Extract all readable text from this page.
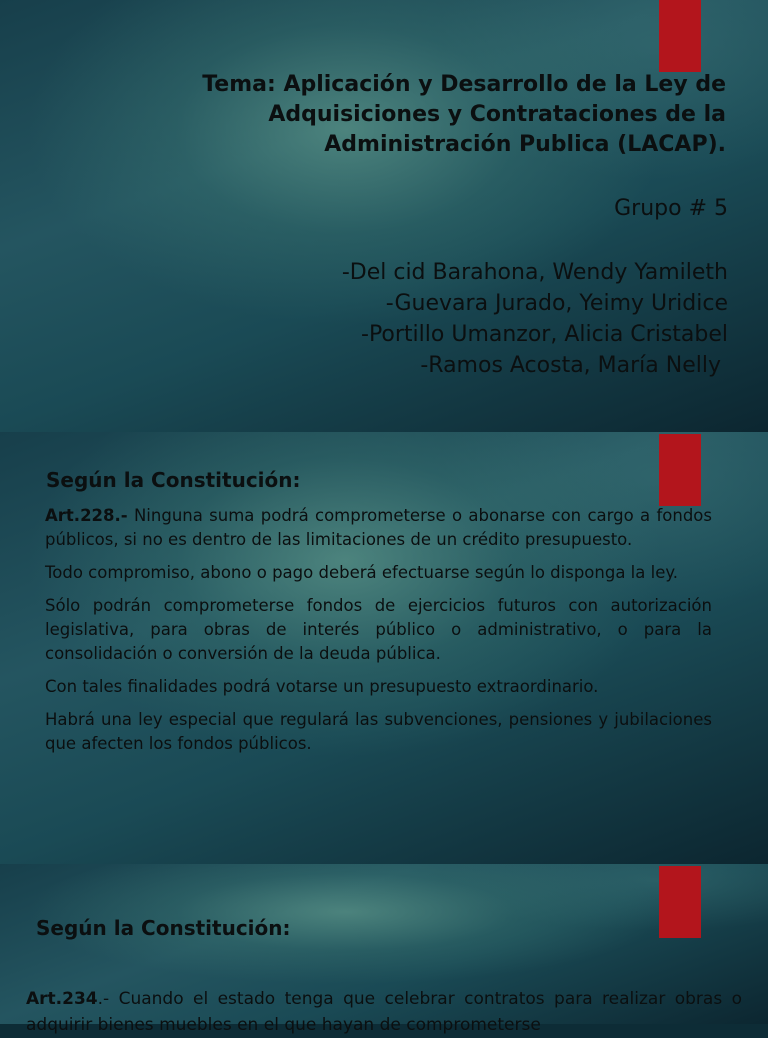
Tema: Aplicación y Desarrollo de la Ley de
Adquisiciones y Contrataciones de la
Administración Publica (LACAP).
Grupo # 5
-Del cid Barahona, Wendy Yamileth
-Guevara Jurado, Yeimy Uridice
-Portillo Umanzor, Alicia Cristabel
-Ramos Acosta, María Nelly
Según la Constitución:

Art.228.- Ninguna suma podrá comprometerse o abonarse con cargo a fondos públicos, si no es dentro de las limitaciones de un crédito presupuesto.

Todo compromiso, abono o pago deberá efectuarse según lo disponga la ley.

Sólo podrán comprometerse fondos de ejercicios futuros con autorización legislativa, para obras de interés público o administrativo, o para la consolidación o conversión de la deuda pública.

Con tales finalidades podrá votarse un presupuesto extraordinario.

Habrá una ley especial que regulará las subvenciones, pensiones y jubilaciones que afecten los fondos públicos.

Según la Constitución:
Art.234.- Cuando el estado tenga que celebrar contratos para realizar obras o adquirir bienes muebles en el que hayan de comprometerse
